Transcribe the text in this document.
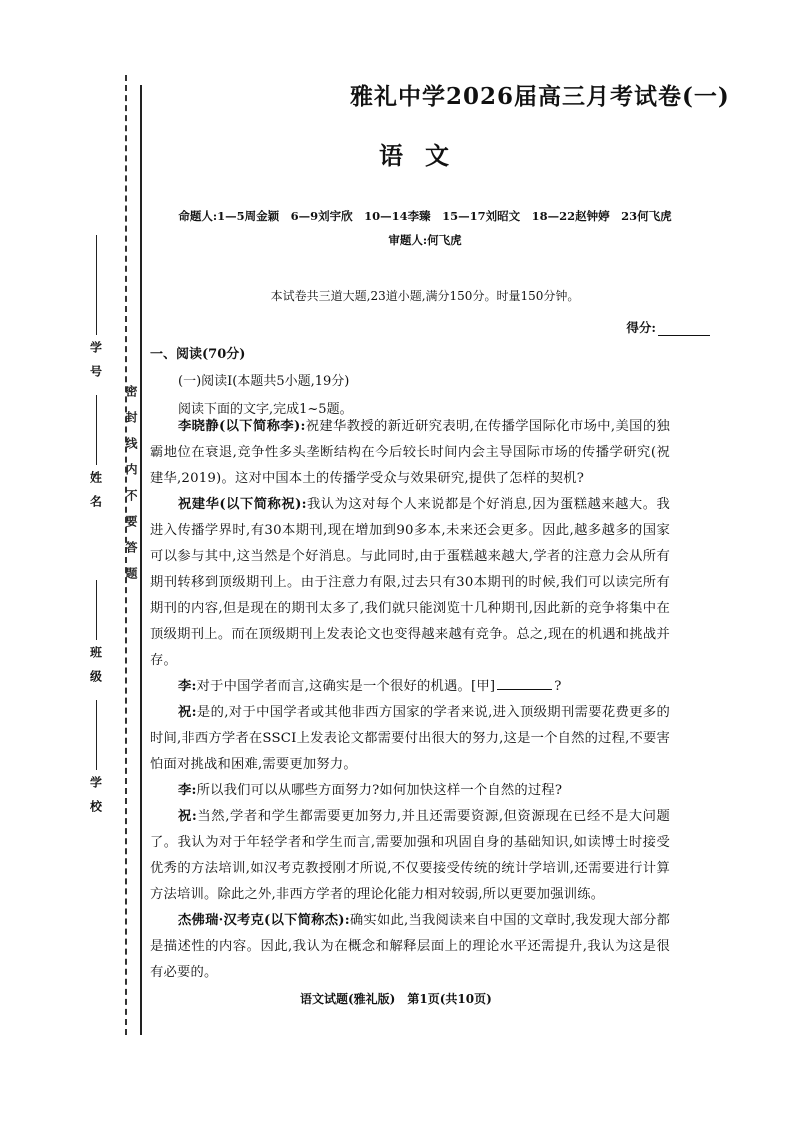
密封线内不要答题
学号
姓名
班级
学校
雅礼中学2026届高三月考试卷(一)
语文
命题人:1—5周金颖　6—9刘宇欣　10—14李臻　15—17刘昭文　18—22赵钟婷　23何飞虎
审题人:何飞虎
本试卷共三道大题,23道小题,满分150分。时量150分钟。
得分:
一、阅读(70分)
(一)阅读Ⅰ(本题共5小题,19分)
阅读下面的文字,完成1~5题。

李晓静(以下简称李):祝建华教授的新近研究表明,在传播学国际化市场中,美国的独霸地位在衰退,竞争性多头垄断结构在今后较长时间内会主导国际市场的传播学研究(祝建华,2019)。这对中国本土的传播学受众与效果研究,提供了怎样的契机?

祝建华(以下简称祝):我认为这对每个人来说都是个好消息,因为蛋糕越来越大。我进入传播学界时,有30本期刊,现在增加到90多本,未来还会更多。因此,越多越多的国家可以参与其中,这当然是个好消息。与此同时,由于蛋糕越来越大,学者的注意力会从所有期刊转移到顶级期刊上。由于注意力有限,过去只有30本期刊的时候,我们可以读完所有期刊的内容,但是现在的期刊太多了,我们就只能浏览十几种期刊,因此新的竞争将集中在顶级期刊上。而在顶级期刊上发表论文也变得越来越有竞争。总之,现在的机遇和挑战并存。

李:对于中国学者而言,这确实是一个很好的机遇。[甲]	?

祝:是的,对于中国学者或其他非西方国家的学者来说,进入顶级期刊需要花费更多的时间,非西方学者在SSCI上发表论文都需要付出很大的努力,这是一个自然的过程,不要害怕面对挑战和困难,需要更加努力。

李:所以我们可以从哪些方面努力?如何加快这样一个自然的过程?

祝:当然,学者和学生都需要更加努力,并且还需要资源,但资源现在已经不是大问题了。我认为对于年轻学者和学生而言,需要加强和巩固自身的基础知识,如读博士时接受优秀的方法培训,如汉考克教授刚才所说,不仅要接受传统的统计学培训,还需要进行计算方法培训。除此之外,非西方学者的理论化能力相对较弱,所以更要加强训练。

杰佛瑞·汉考克(以下简称杰):确实如此,当我阅读来自中国的文章时,我发现大部分都是描述性的内容。因此,我认为在概念和解释层面上的理论水平还需提升,我认为这是很有必要的。

语文试题(雅礼版)　第1页(共10页)
